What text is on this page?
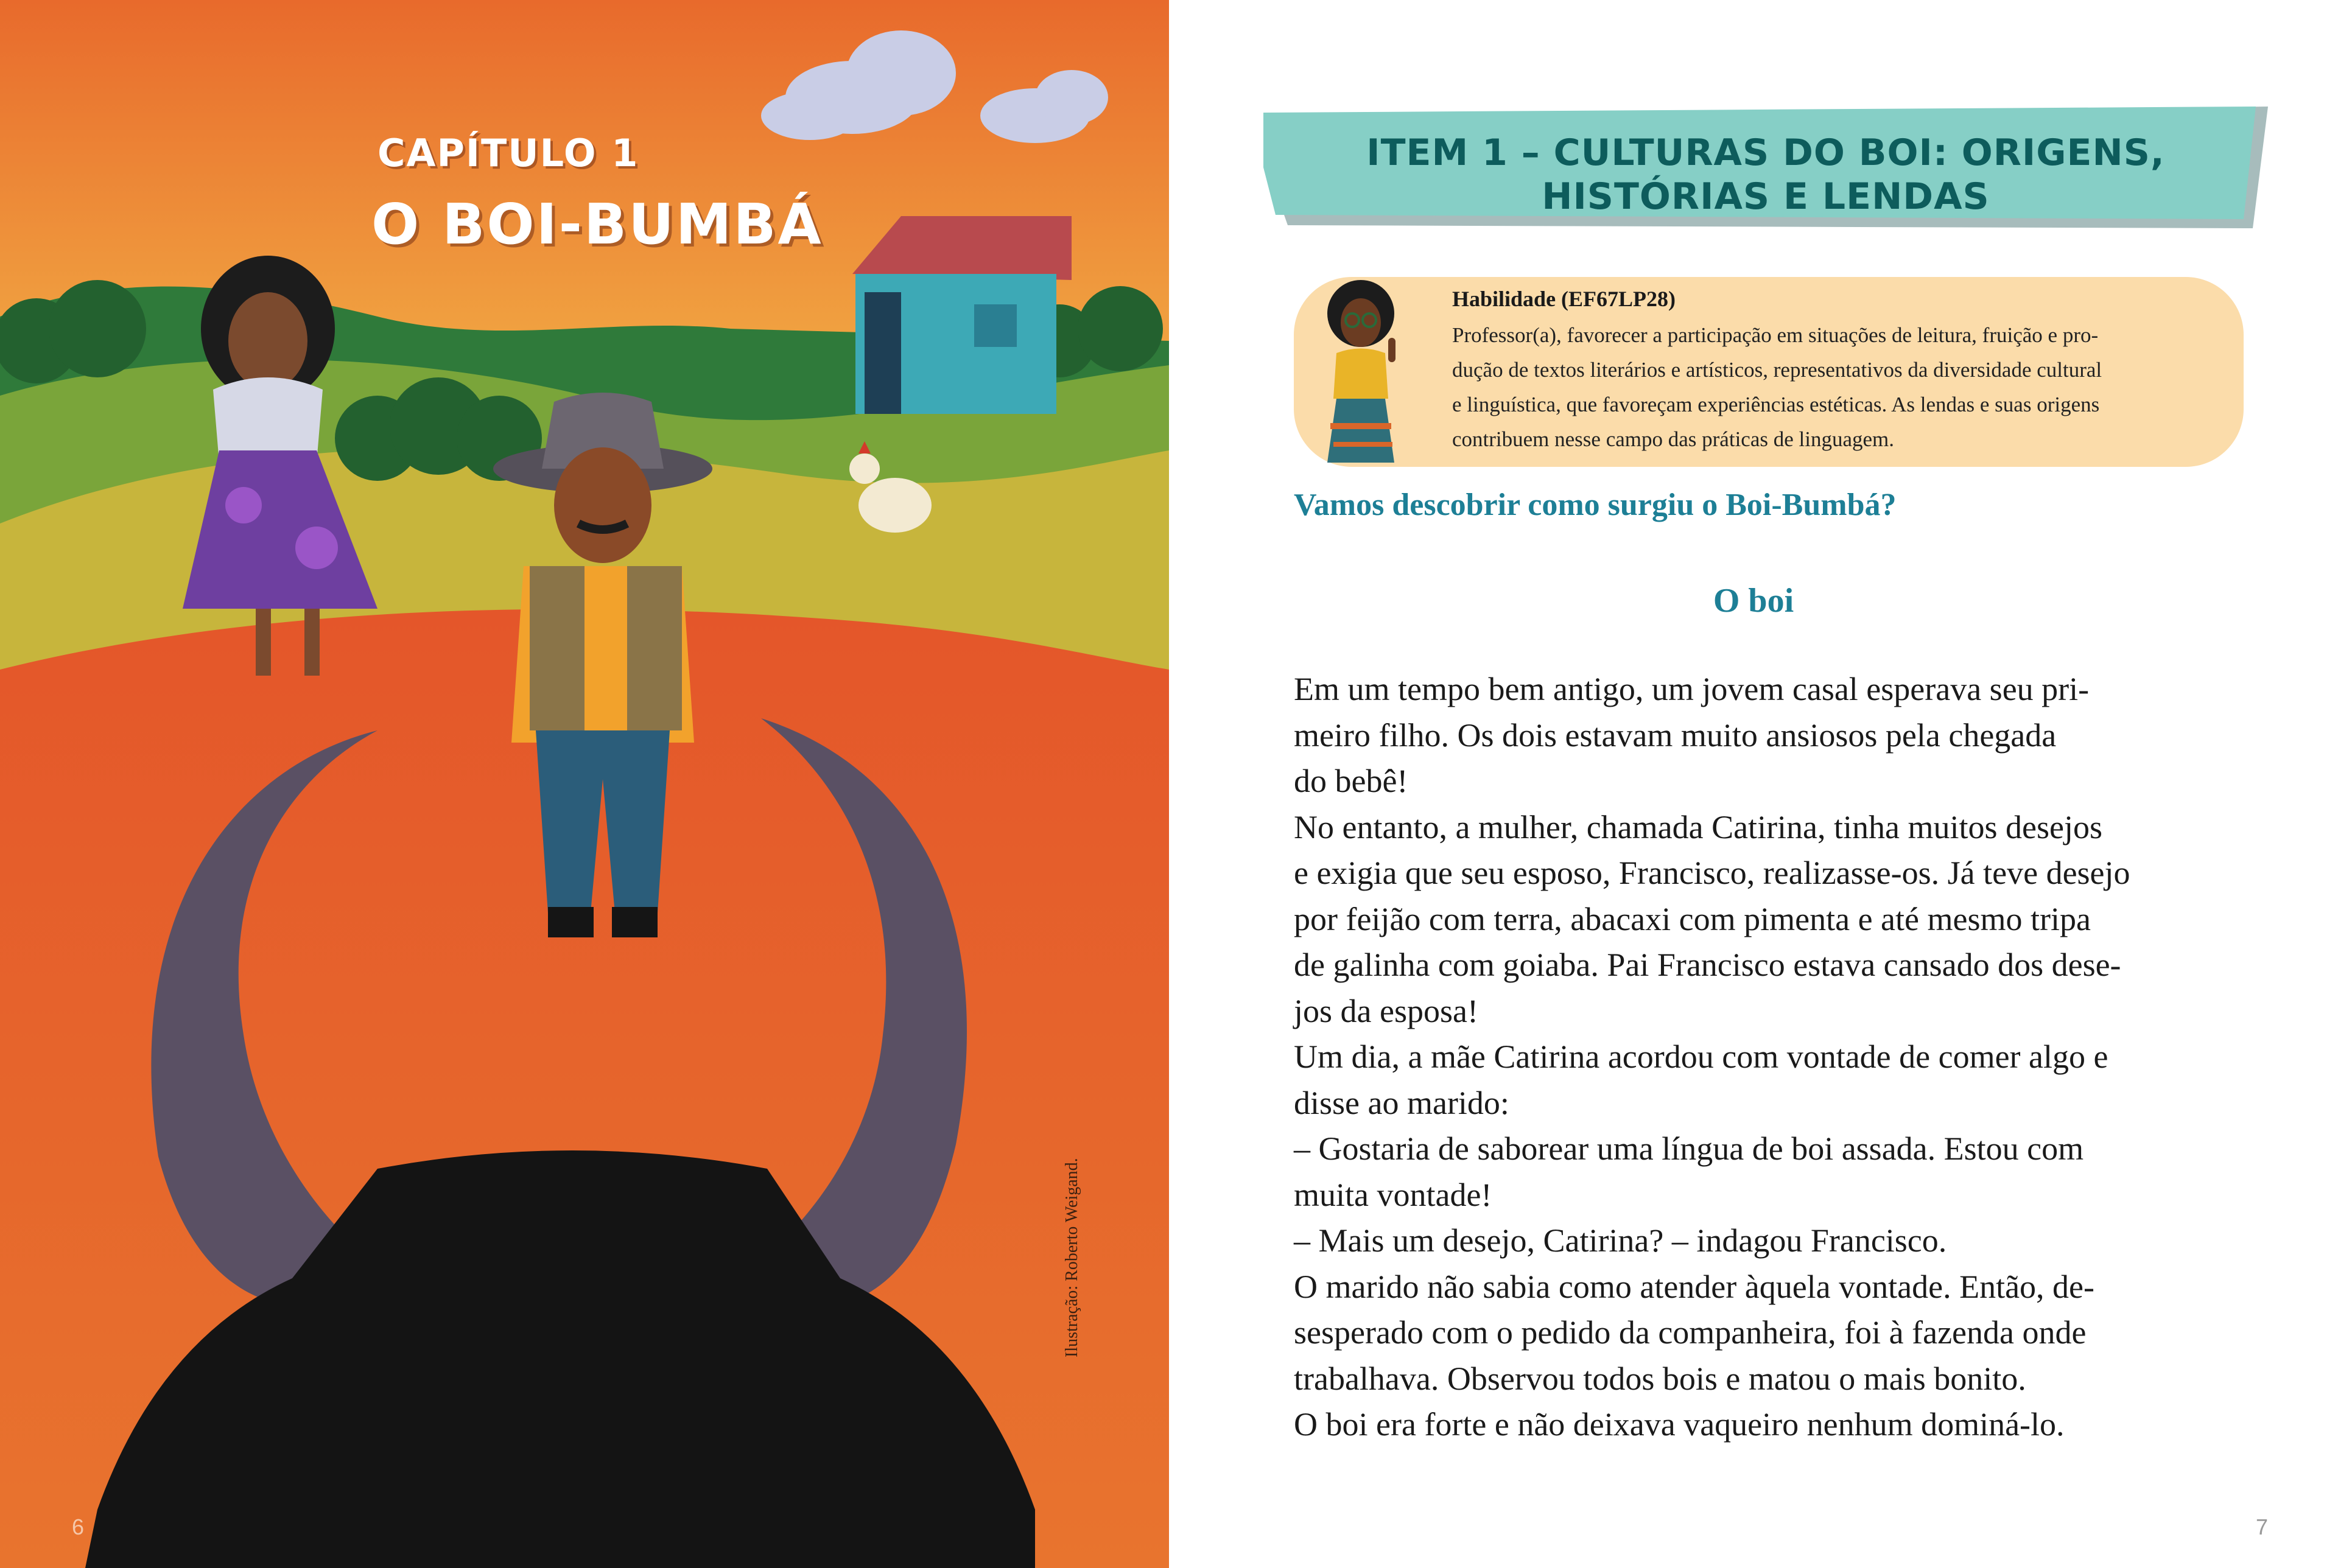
CAPÍTULO 1
O BOI-BUMBÁ
Ilustração: Roberto Weigand.
6
ITEM 1 – CULTURAS DO BOI: ORIGENS,
HISTÓRIAS E LENDAS
Habilidade (EF67LP28)
Professor(a), favorecer a participação em situações de leitura, fruição e pro-
dução de textos literários e artísticos, representativos da diversidade cultural
e linguística, que favoreçam experiências estéticas. As lendas e suas origens
contribuem nesse campo das práticas de linguagem.
Vamos descobrir como surgiu o Boi-Bumbá?
O boi

Em um tempo bem antigo, um jovem casal esperava seu pri-

meiro filho. Os dois estavam muito ansiosos pela chegada

do bebê!

No entanto, a mulher, chamada Catirina, tinha muitos desejos

e exigia que seu esposo, Francisco, realizasse-os. Já teve desejo

por feijão com terra, abacaxi com pimenta e até mesmo tripa

de galinha com goiaba. Pai Francisco estava cansado dos dese-

jos da esposa!

Um dia, a mãe Catirina acordou com vontade de comer algo e

disse ao marido:

– Gostaria de saborear uma língua de boi assada. Estou com

muita vontade!

– Mais um desejo, Catirina? – indagou Francisco.

O marido não sabia como atender àquela vontade. Então, de-

sesperado com o pedido da companheira, foi à fazenda onde

trabalhava. Observou todos bois e matou o mais bonito.

O boi era forte e não deixava vaqueiro nenhum dominá-lo.

7
